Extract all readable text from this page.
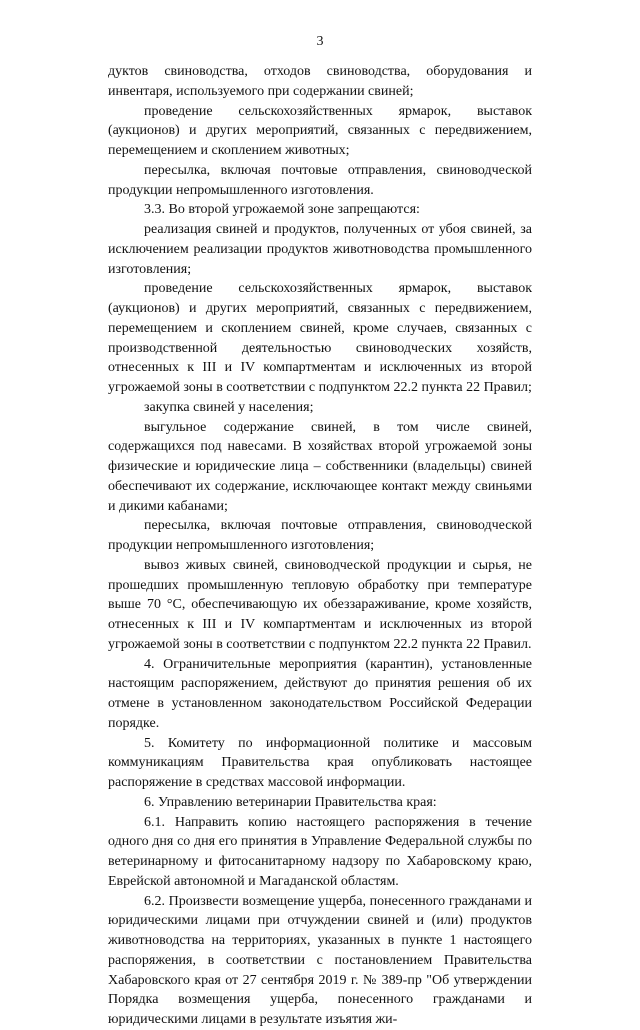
3

дуктов свиноводства, отходов свиноводства, оборудования и инвентаря, используемого при содержании свиней;

проведение сельскохозяйственных ярмарок, выставок (аукционов) и других мероприятий, связанных с передвижением, перемещением и скоплением животных;

пересылка, включая почтовые отправления, свиноводческой продукции непромышленного изготовления.

3.3. Во второй угрожаемой зоне запрещаются:

реализация свиней и продуктов, полученных от убоя свиней, за исключением реализации продуктов животноводства промышленного изготовления;

проведение сельскохозяйственных ярмарок, выставок (аукционов) и других мероприятий, связанных с передвижением, перемещением и скоплением свиней, кроме случаев, связанных с производственной деятельностью свиноводческих хозяйств, отнесенных к III и IV компартментам и исключенных из второй угрожаемой зоны в соответствии с подпунктом 22.2 пункта 22 Правил;

закупка свиней у населения;

выгульное содержание свиней, в том числе свиней, содержащихся под навесами. В хозяйствах второй угрожаемой зоны физические и юридические лица – собственники (владельцы) свиней обеспечивают их содержание, исключающее контакт между свиньями и дикими кабанами;

пересылка, включая почтовые отправления, свиноводческой продукции непромышленного изготовления;

вывоз живых свиней, свиноводческой продукции и сырья, не прошедших промышленную тепловую обработку при температуре выше 70 °C, обеспечивающую их обеззараживание, кроме хозяйств, отнесенных к III и IV компартментам и исключенных из второй угрожаемой зоны в соответствии с подпунктом 22.2 пункта 22 Правил.

4. Ограничительные мероприятия (карантин), установленные настоящим распоряжением, действуют до принятия решения об их отмене в установленном законодательством Российской Федерации порядке.

5. Комитету по информационной политике и массовым коммуникациям Правительства края опубликовать настоящее распоряжение в средствах массовой информации.

6. Управлению ветеринарии Правительства края:

6.1. Направить копию настоящего распоряжения в течение одного дня со дня его принятия в Управление Федеральной службы по ветеринарному и фитосанитарному надзору по Хабаровскому краю, Еврейской автономной и Магаданской областям.

6.2. Произвести возмещение ущерба, понесенного гражданами и юридическими лицами при отчуждении свиней и (или) продуктов животноводства на территориях, указанных в пункте 1 настоящего распоряжения, в соответствии с постановлением Правительства Хабаровского края от 27 сентября 2019 г. № 389-пр "Об утверждении Порядка возмещения ущерба, понесенного гражданами и юридическими лицами в результате изъятия жи-
